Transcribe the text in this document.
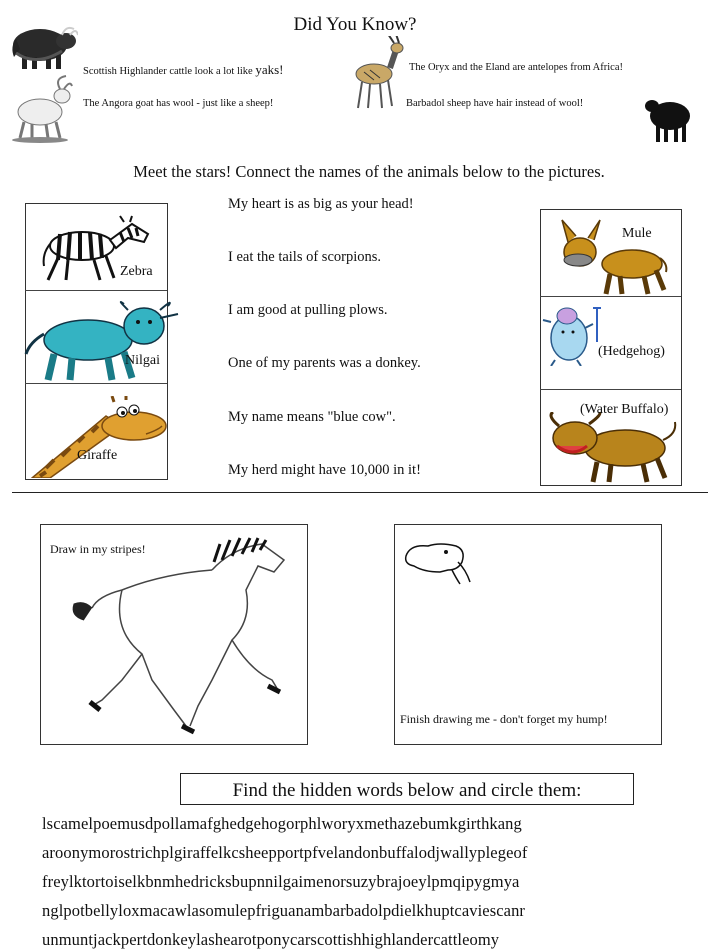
Did You Know?
Scottish Highlander cattle look a lot like yaks!
The Angora goat has wool - just like a sheep!
The Oryx and the Eland are antelopes from Africa!
Barbadol sheep have hair instead of wool!
Meet the stars! Connect the names of the animals below to the pictures.
Zebra
Nilgai
Giraffe
My heart is as big as your head!
I eat the tails of scorpions.
I am good at pulling plows.
One of my parents was a donkey.
My name means "blue cow".
My herd might have 10,000 in it!
Mule
(Hedgehog)
(Water Buffalo)
Draw in my stripes!
Finish drawing me - don't forget my hump!
Find the hidden words below and circle them:
lscamelpoemusdpollamafghedgehogorphlworyxmethazebumkgirthkang
aroonymorostrichplgiraffelkcsheepportpfvelandonbuffalodjwallyplegeof
freylktortoiselkbnmhedricksbupnnilgaimenorsuzybrajoeylpmqipygmya
nglpotbellyloxmacawlasomulepfriguanambarbadolpdielkhuptcaviescanr
unmuntjackpertdonkeylashearotponycarscottishhighlandercattleomy
